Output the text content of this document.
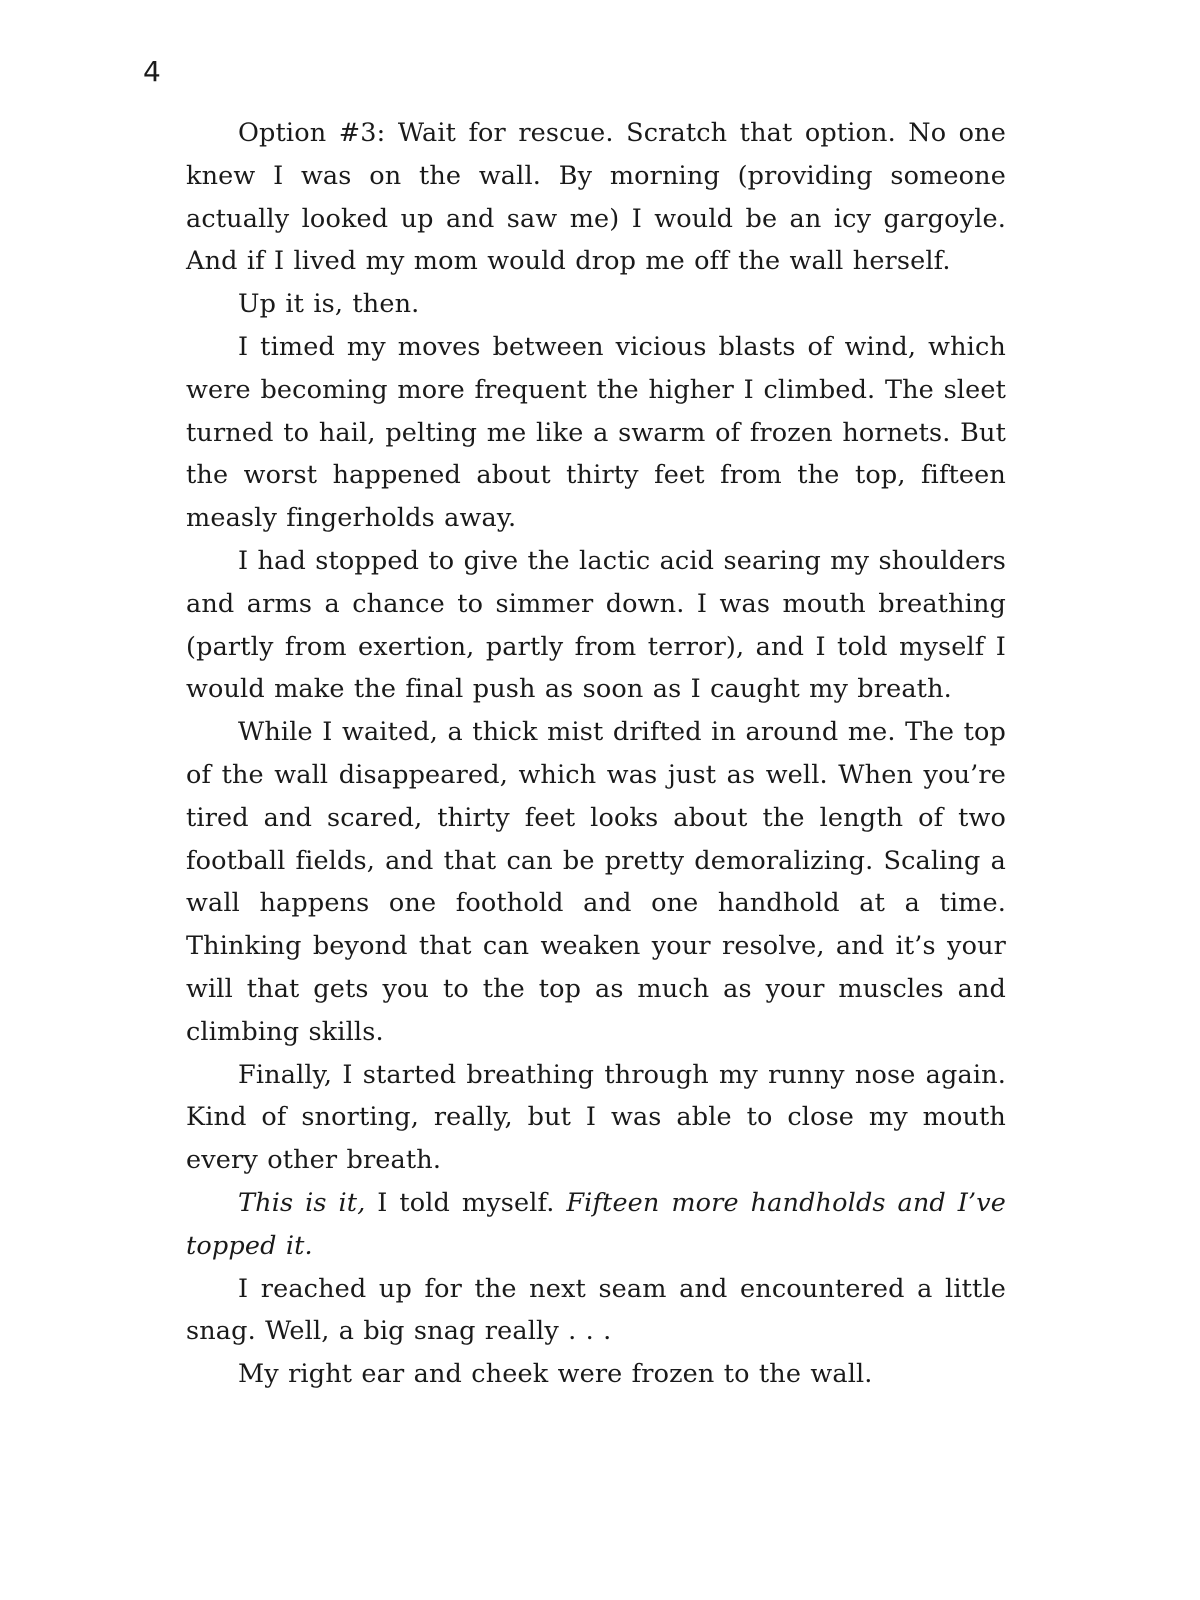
4

Option #3: Wait for rescue. Scratch that option. No one knew I was on the wall. By morning (providing someone actually looked up and saw me) I would be an icy gargoyle. And if I lived my mom would drop me off the wall herself.

Up it is, then.

I timed my moves between vicious blasts of wind, which were becoming more frequent the higher I climbed. The sleet turned to hail, pelting me like a swarm of frozen hornets. But the worst happened about thirty feet from the top, fifteen measly fingerholds away.

I had stopped to give the lactic acid searing my shoulders and arms a chance to simmer down. I was mouth breathing (partly from exertion, partly from terror), and I told myself I would make the final push as soon as I caught my breath.

While I waited, a thick mist drifted in around me. The top of the wall disappeared, which was just as well. When you’re tired and scared, thirty feet looks about the length of two football fields, and that can be pretty demoralizing. Scaling a wall happens one foothold and one handhold at a time. Thinking beyond that can weaken your resolve, and it’s your will that gets you to the top as much as your muscles and climbing skills.

Finally, I started breathing through my runny nose again. Kind of snorting, really, but I was able to close my mouth every other breath.

This is it, I told myself. Fifteen more handholds and I’ve topped it.

I reached up for the next seam and encountered a little snag. Well, a big snag really . . .

My right ear and cheek were frozen to the wall.
